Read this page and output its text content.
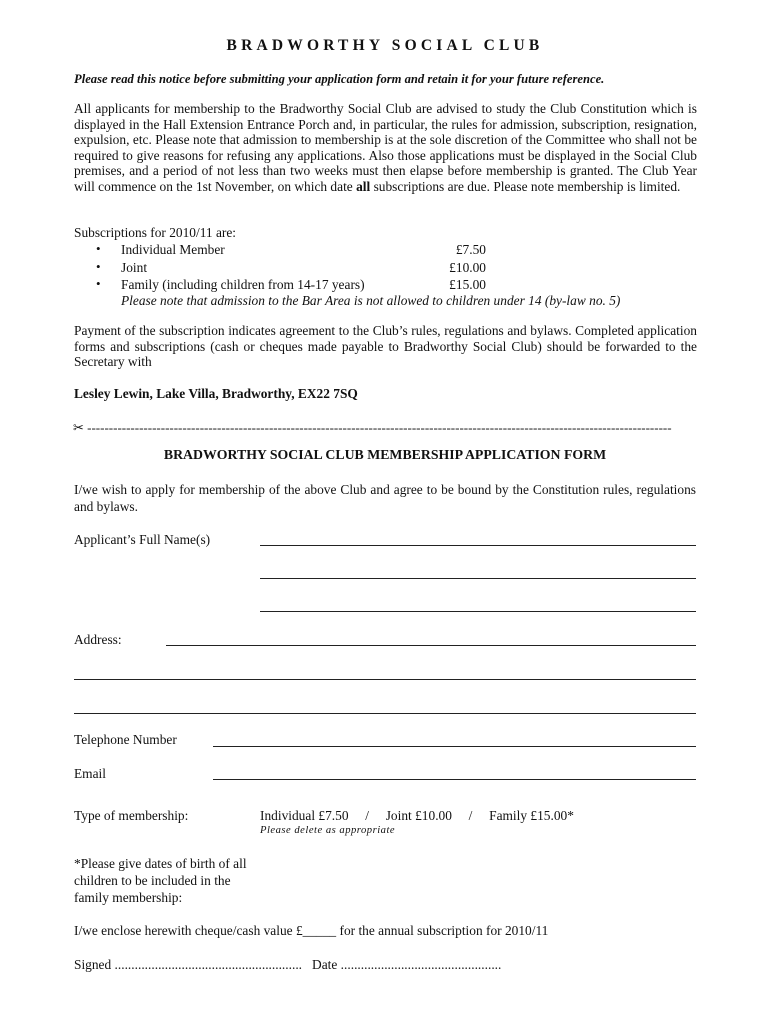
BRADWORTHY SOCIAL CLUB
Please read this notice before submitting your application form and retain it for your future reference.
All applicants for membership to the Bradworthy Social Club are advised to study the Club Constitution which is displayed in the Hall Extension Entrance Porch and, in particular, the rules for admission, subscription, resignation, expulsion, etc. Please note that admission to membership is at the sole discretion of the Committee who shall not be required to give reasons for refusing any applications. Also those applications must be displayed in the Social Club premises, and a period of not less than two weeks must then elapse before membership is granted. The Club Year will commence on the 1st November, on which date all subscriptions are due. Please note membership is limited.
Subscriptions for 2010/11 are:
• Individual Member	£7.50
• Joint	£10.00
• Family (including children from 14-17 years)	£15.00
Please note that admission to the Bar Area is not allowed to children under 14 (by-law no. 5)
Payment of the subscription indicates agreement to the Club’s rules, regulations and bylaws. Completed application forms and subscriptions (cash or cheques made payable to Bradworthy Social Club) should be forwarded to the Secretary with
Lesley Lewin, Lake Villa, Bradworthy, EX22 7SQ
✂ ---------------------------------------------------------------------------------------------------------------------------------------
BRADWORTHY SOCIAL CLUB MEMBERSHIP APPLICATION FORM
I/we wish to apply for membership of the above Club and agree to be bound by the Constitution rules, regulations and bylaws.
Applicant’s Full Name(s)
Address:
Telephone Number
Email
Type of membership:	Individual £7.50     /     Joint £10.00     /     Family £15.00*
Please delete as appropriate
*Please give dates of birth of all children to be included in the family membership:
I/we enclose herewith cheque/cash value £_____ for the annual subscription for 2010/11
Signed ........................................................   Date ................................................
